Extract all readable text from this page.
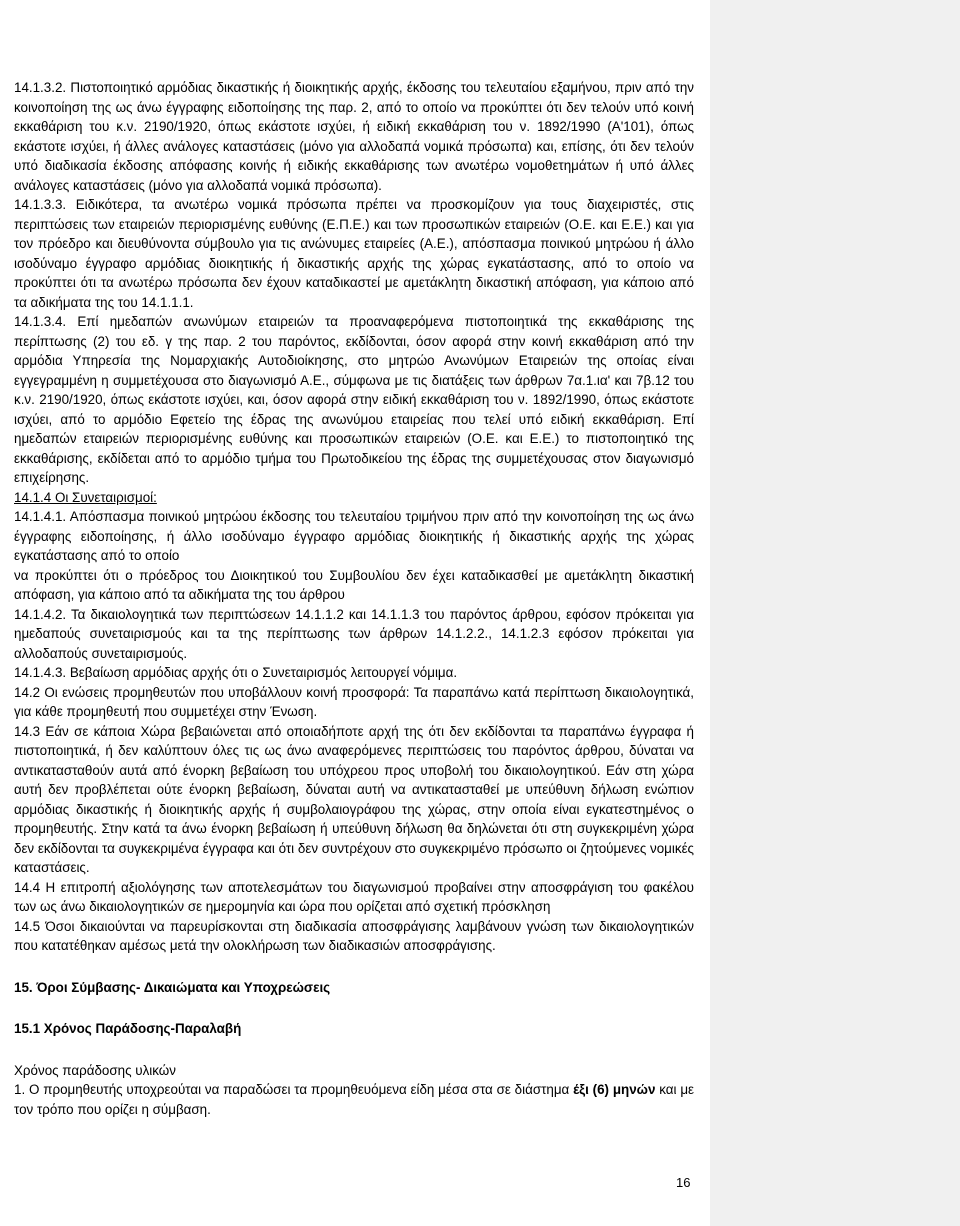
14.1.3.2. Πιστοποιητικό αρμόδιας δικαστικής ή διοικητικής αρχής, έκδοσης του τελευταίου εξαμήνου, πριν από την κοινοποίηση της ως άνω έγγραφης ειδοποίησης της παρ. 2, από το οποίο να προκύπτει ότι δεν τελούν υπό κοινή εκκαθάριση του κ.ν. 2190/1920, όπως εκάστοτε ισχύει, ή ειδική εκκαθάριση του ν. 1892/1990 (Α'101), όπως εκάστοτε ισχύει, ή άλλες ανάλογες καταστάσεις (μόνο για αλλοδαπά νομικά πρόσωπα) και, επίσης, ότι δεν τελούν υπό διαδικασία έκδοσης απόφασης κοινής ή ειδικής εκκαθάρισης των ανωτέρω νομοθετημάτων ή υπό άλλες ανάλογες καταστάσεις (μόνο για αλλοδαπά νομικά πρόσωπα).

14.1.3.3. Ειδικότερα, τα ανωτέρω νομικά πρόσωπα πρέπει να προσκομίζουν για τους διαχειριστές, στις περιπτώσεις των εταιρειών περιορισμένης ευθύνης (Ε.Π.Ε.) και των προσωπικών εταιρειών (Ο.Ε. και Ε.Ε.) και για τον πρόεδρο και διευθύνοντα σύμβουλο για τις ανώνυμες εταιρείες (Α.Ε.), απόσπασμα ποινικού μητρώου ή άλλο ισοδύναμο έγγραφο αρμόδιας διοικητικής ή δικαστικής αρχής της χώρας εγκατάστασης, από το οποίο να προκύπτει ότι τα ανωτέρω πρόσωπα δεν έχουν καταδικαστεί με αμετάκλητη δικαστική απόφαση, για κάποιο από τα αδικήματα της του 14.1.1.1.

14.1.3.4. Επί ημεδαπών ανωνύμων εταιρειών τα προαναφερόμενα πιστοποιητικά της εκκαθάρισης της περίπτωσης (2) του εδ. γ της παρ. 2 του παρόντος, εκδίδονται, όσον αφορά στην κοινή εκκαθάριση από την αρμόδια Υπηρεσία της Νομαρχιακής Αυτοδιοίκησης, στο μητρώο Ανωνύμων Εταιρειών της οποίας είναι εγγεγραμμένη η συμμετέχουσα στο διαγωνισμό Α.Ε., σύμφωνα με τις διατάξεις των άρθρων 7α.1.ια' και 7β.12 του κ.ν. 2190/1920, όπως εκάστοτε ισχύει, και, όσον αφορά στην ειδική εκκαθάριση του ν. 1892/1990, όπως εκάστοτε ισχύει, από το αρμόδιο Εφετείο της έδρας της ανωνύμου εταιρείας που τελεί υπό ειδική εκκαθάριση. Επί ημεδαπών εταιρειών περιορισμένης ευθύνης και προσωπικών εταιρειών (Ο.Ε. και Ε.Ε.) το πιστοποιητικό της εκκαθάρισης, εκδίδεται από το αρμόδιο τμήμα του Πρωτοδικείου της έδρας της συμμετέχουσας στον διαγωνισμό επιχείρησης.

14.1.4 Οι Συνεταιρισμοί:

14.1.4.1. Απόσπασμα ποινικού μητρώου έκδοσης του τελευταίου τριμήνου πριν από την κοινοποίηση της ως άνω έγγραφης ειδοποίησης, ή άλλο ισοδύναμο έγγραφο αρμόδιας διοικητικής ή δικαστικής αρχής της χώρας εγκατάστασης από το οποίο

να προκύπτει ότι ο πρόεδρος του Διοικητικού του Συμβουλίου δεν έχει καταδικασθεί με αμετάκλητη δικαστική απόφαση, για κάποιο από τα αδικήματα της του άρθρου

14.1.4.2. Τα δικαιολογητικά των περιπτώσεων 14.1.1.2 και 14.1.1.3 του παρόντος άρθρου, εφόσον πρόκειται για ημεδαπούς συνεταιρισμούς και τα της περίπτωσης των άρθρων 14.1.2.2., 14.1.2.3 εφόσον πρόκειται για αλλοδαπούς συνεταιρισμούς.

14.1.4.3. Βεβαίωση αρμόδιας αρχής ότι ο Συνεταιρισμός λειτουργεί νόμιμα.

14.2 Οι ενώσεις προμηθευτών που υποβάλλουν κοινή προσφορά: Τα παραπάνω κατά περίπτωση δικαιολογητικά, για κάθε προμηθευτή που συμμετέχει στην Ένωση.

14.3 Εάν σε κάποια Χώρα βεβαιώνεται από οποιαδήποτε αρχή της ότι δεν εκδίδονται τα παραπάνω έγγραφα ή πιστοποιητικά, ή δεν καλύπτουν όλες τις ως άνω αναφερόμενες περιπτώσεις του παρόντος άρθρου, δύναται να αντικατασταθούν αυτά από ένορκη βεβαίωση του υπόχρεου προς υποβολή του δικαιολογητικού. Εάν στη χώρα αυτή δεν προβλέπεται ούτε ένορκη βεβαίωση, δύναται αυτή να αντικατασταθεί με υπεύθυνη δήλωση ενώπιον αρμόδιας δικαστικής ή διοικητικής αρχής ή συμβολαιογράφου της χώρας, στην οποία είναι εγκατεστημένος ο προμηθευτής. Στην κατά τα άνω ένορκη βεβαίωση ή υπεύθυνη δήλωση θα δηλώνεται ότι στη συγκεκριμένη χώρα δεν εκδίδονται τα συγκεκριμένα έγγραφα και ότι δεν συντρέχουν στο συγκεκριμένο πρόσωπο οι ζητούμενες νομικές καταστάσεις.

14.4 Η επιτροπή αξιολόγησης των αποτελεσμάτων του διαγωνισμού προβαίνει στην αποσφράγιση του φακέλου των ως άνω δικαιολογητικών σε ημερομηνία και ώρα που ορίζεται από σχετική πρόσκληση

14.5 Όσοι δικαιούνται να παρευρίσκονται στη διαδικασία αποσφράγισης λαμβάνουν γνώση των δικαιολογητικών που κατατέθηκαν αμέσως μετά την ολοκλήρωση των διαδικασιών αποσφράγισης.

15. Όροι Σύμβασης- Δικαιώματα και Υποχρεώσεις

15.1 Χρόνος Παράδοσης-Παραλαβή

Χρόνος παράδοσης υλικών

1. Ο προμηθευτής υποχρεούται να παραδώσει τα προμηθευόμενα είδη μέσα στα σε διάστημα έξι (6) μηνών και με τον τρόπο που ορίζει η σύμβαση.

16
